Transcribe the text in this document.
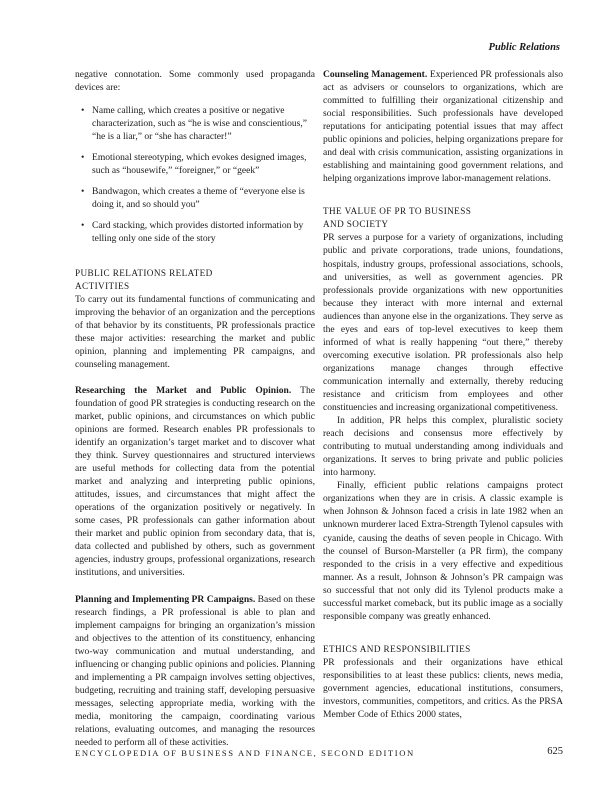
Public Relations

negative connotation. Some commonly used propaganda devices are:

• Name calling, which creates a positive or negative characterization, such as “he is wise and conscientious,” “he is a liar,” or “she has character!”
• Emotional stereotyping, which evokes designed images, such as “housewife,” “foreigner,” or “geek”
• Bandwagon, which creates a theme of “everyone else is doing it, and so should you”
• Card stacking, which provides distorted information by telling only one side of the story
PUBLIC RELATIONS RELATED
ACTIVITIES

To carry out its fundamental functions of communicating and improving the behavior of an organization and the perceptions of that behavior by its constituents, PR professionals practice these major activities: researching the market and public opinion, planning and implementing PR campaigns, and counseling management.

Researching the Market and Public Opinion. The foundation of good PR strategies is conducting research on the market, public opinions, and circumstances on which public opinions are formed. Research enables PR professionals to identify an organization’s target market and to discover what they think. Survey questionnaires and structured interviews are useful methods for collecting data from the potential market and analyzing and interpreting public opinions, attitudes, issues, and circumstances that might affect the operations of the organization positively or negatively. In some cases, PR professionals can gather information about their market and public opinion from secondary data, that is, data collected and published by others, such as government agencies, industry groups, professional organizations, research institutions, and universities.

Planning and Implementing PR Campaigns. Based on these research findings, a PR professional is able to plan and implement campaigns for bringing an organization’s mission and objectives to the attention of its constituency, enhancing two-way communication and mutual understanding, and influencing or changing public opinions and policies. Planning and implementing a PR campaign involves setting objectives, budgeting, recruiting and training staff, developing persuasive messages, selecting appropriate media, working with the media, monitoring the campaign, coordinating various relations, evaluating outcomes, and managing the resources needed to perform all of these activities.

Counseling Management. Experienced PR professionals also act as advisers or counselors to organizations, which are committed to fulfilling their organizational citizenship and social responsibilities. Such professionals have developed reputations for anticipating potential issues that may affect public opinions and policies, helping organizations prepare for and deal with crisis communication, assisting organizations in establishing and maintaining good government relations, and helping organizations improve labor-management relations.

THE VALUE OF PR TO BUSINESS
AND SOCIETY

PR serves a purpose for a variety of organizations, including public and private corporations, trade unions, foundations, hospitals, industry groups, professional associations, schools, and universities, as well as government agencies. PR professionals provide organizations with new opportunities because they interact with more internal and external audiences than anyone else in the organizations. They serve as the eyes and ears of top-level executives to keep them informed of what is really happening “out there,” thereby overcoming executive isolation. PR professionals also help organizations manage changes through effective communication internally and externally, thereby reducing resistance and criticism from employees and other constituencies and increasing organizational competitiveness.

In addition, PR helps this complex, pluralistic society reach decisions and consensus more effectively by contributing to mutual understanding among individuals and organizations. It serves to bring private and public policies into harmony.

Finally, efficient public relations campaigns protect organizations when they are in crisis. A classic example is when Johnson & Johnson faced a crisis in late 1982 when an unknown murderer laced Extra-Strength Tylenol capsules with cyanide, causing the deaths of seven people in Chicago. With the counsel of Burson-Marsteller (a PR firm), the company responded to the crisis in a very effective and expeditious manner. As a result, Johnson & Johnson’s PR campaign was so successful that not only did its Tylenol products make a successful market comeback, but its public image as a socially responsible company was greatly enhanced.

ETHICS AND RESPONSIBILITIES

PR professionals and their organizations have ethical responsibilities to at least these publics: clients, news media, government agencies, educational institutions, consumers, investors, communities, competitors, and critics. As the PRSA Member Code of Ethics 2000 states,

ENCYCLOPEDIA OF BUSINESS AND FINANCE, SECOND EDITION	625
